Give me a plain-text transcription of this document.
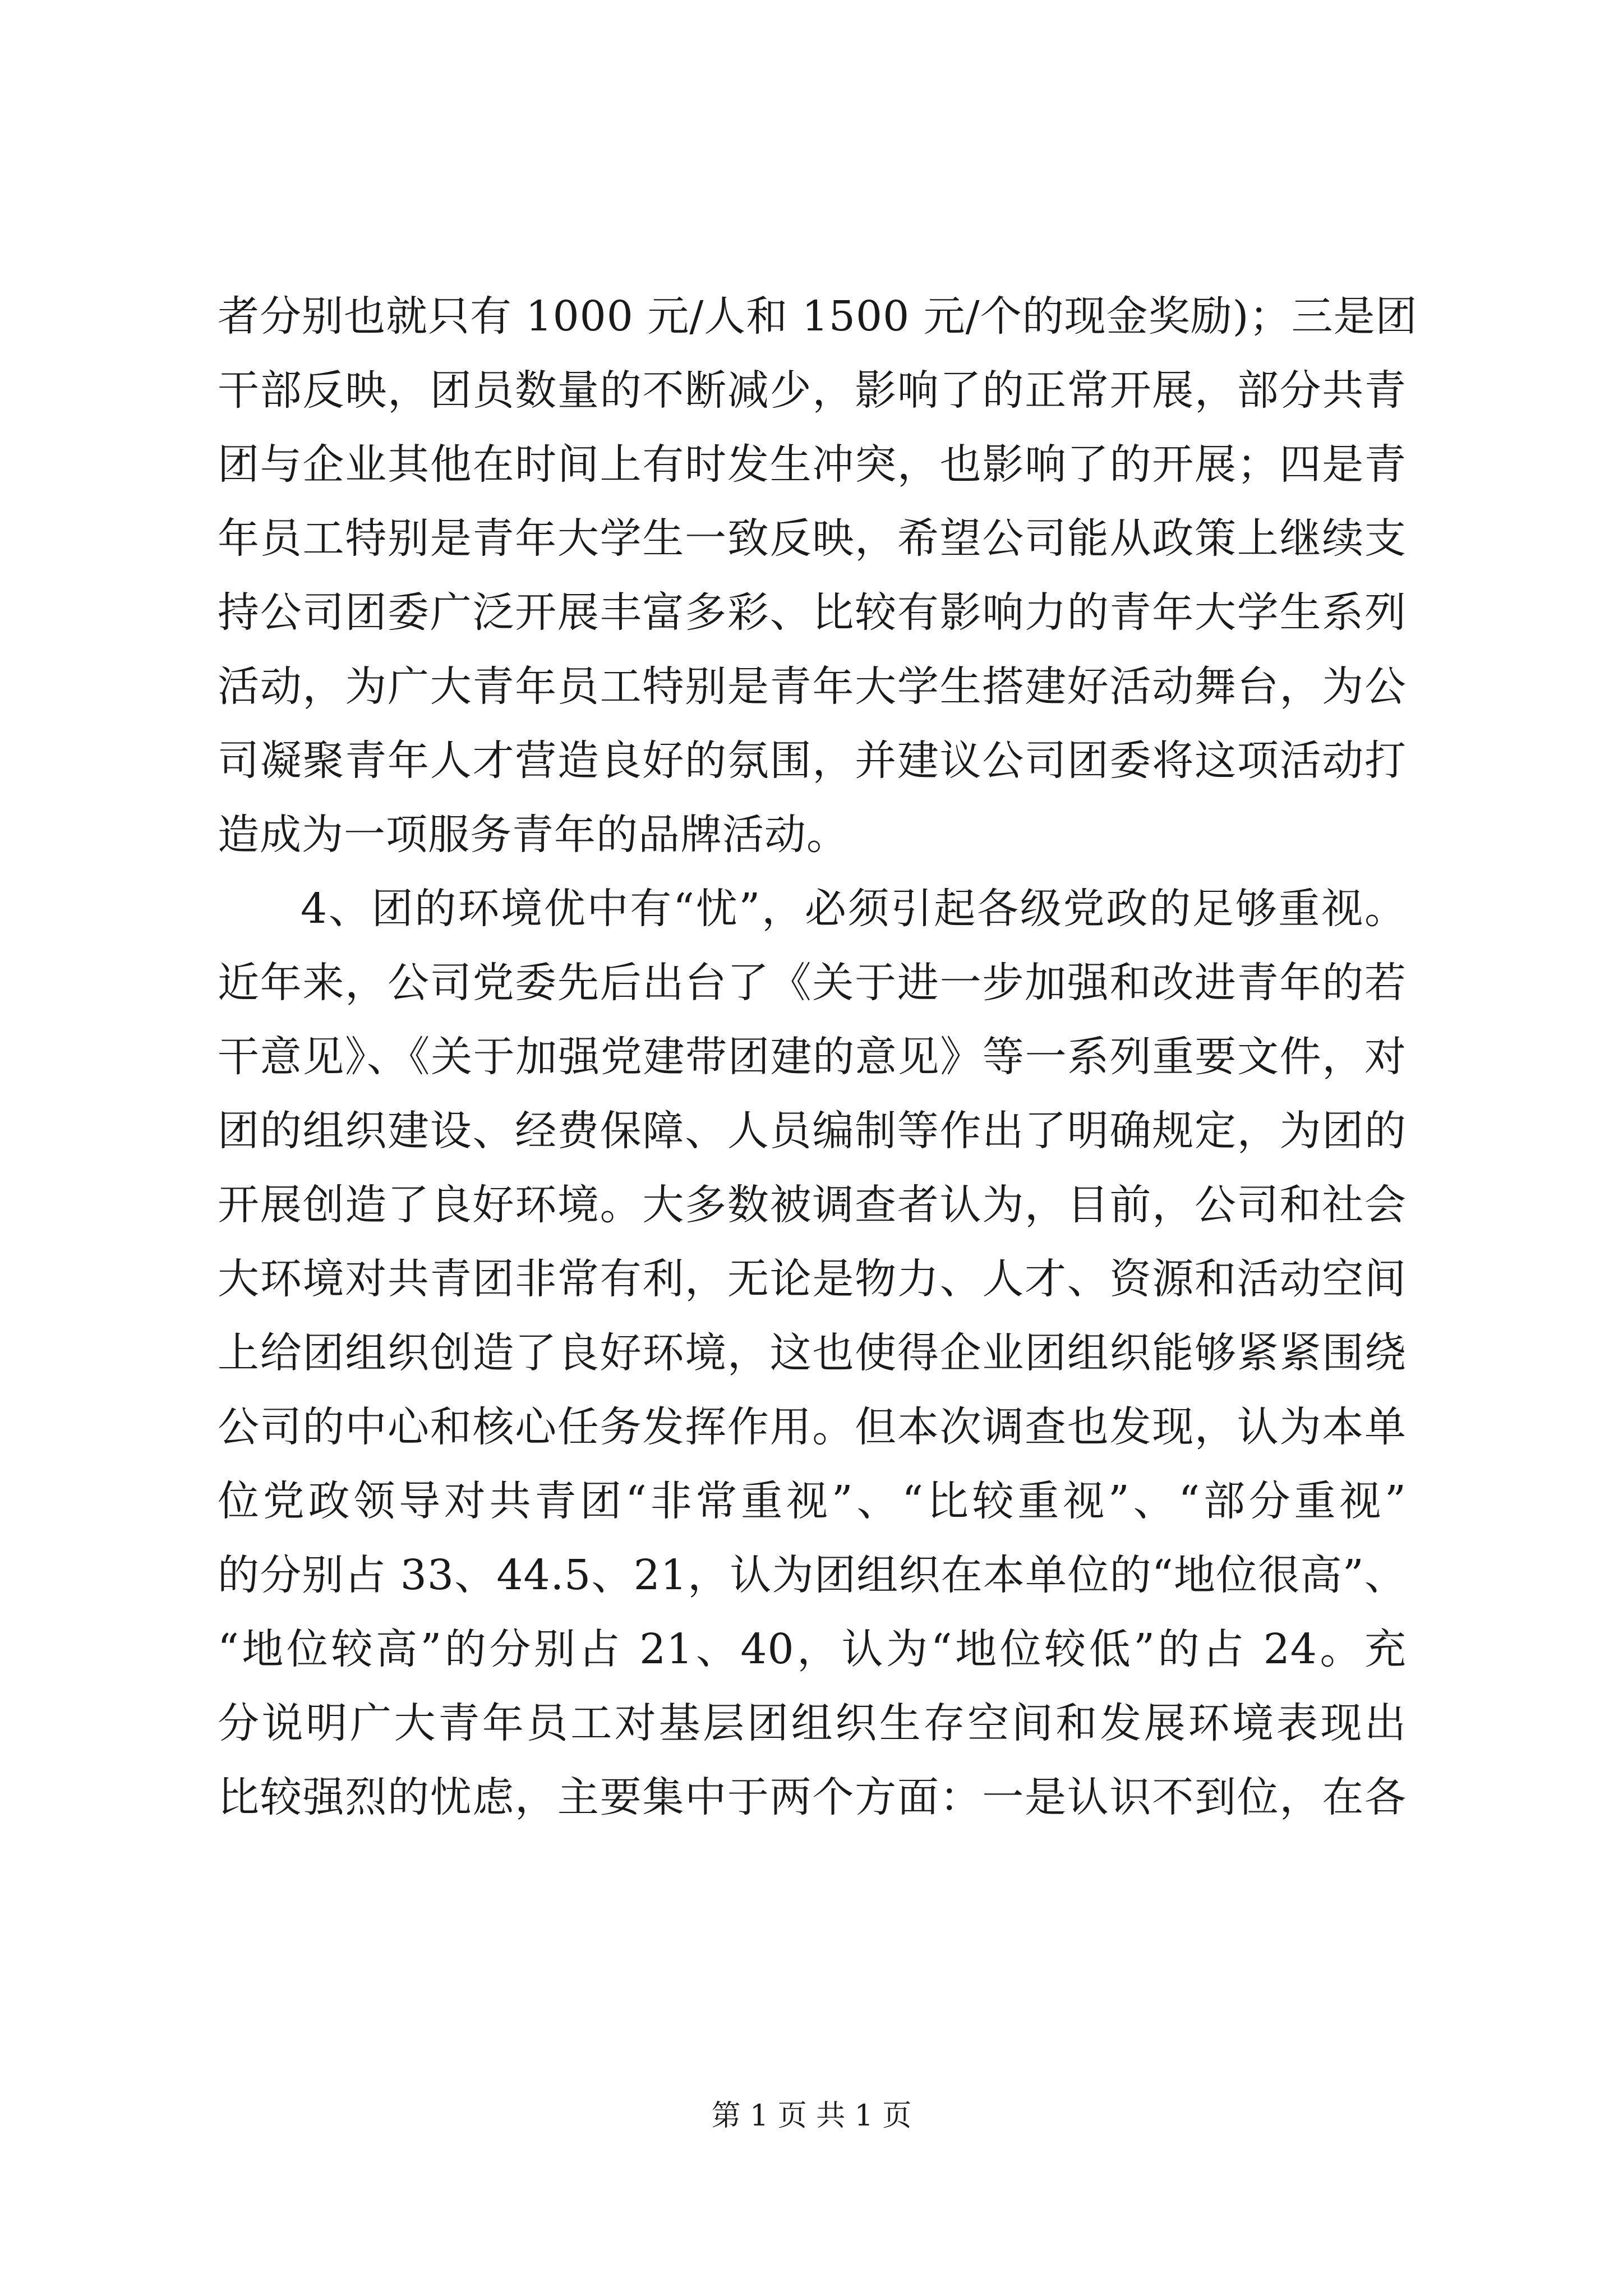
者分别也就只有 1000 元/人和 1500 元/个的现金奖励)；三是团
干部反映，团员数量的不断减少，影响了的正常开展，部分共青
团与企业其他在时间上有时发生冲突，也影响了的开展；四是青
年员工特别是青年大学生一致反映，希望公司能从政策上继续支
持公司团委广泛开展丰富多彩、比较有影响力的青年大学生系列
活动，为广大青年员工特别是青年大学生搭建好活动舞台，为公
司凝聚青年人才营造良好的氛围，并建议公司团委将这项活动打
造成为一项服务青年的品牌活动。
4、团的环境优中有“忧”，必须引起各级党政的足够重视。
近年来，公司党委先后出台了《关于进一步加强和改进青年的若
干意见》、《关于加强党建带团建的意见》等一系列重要文件，对
团的组织建设、经费保障、人员编制等作出了明确规定，为团的
开展创造了良好环境。大多数被调查者认为，目前，公司和社会
大环境对共青团非常有利，无论是物力、人才、资源和活动空间
上给团组织创造了良好环境，这也使得企业团组织能够紧紧围绕
公司的中心和核心任务发挥作用。但本次调查也发现，认为本单
位党政领导对共青团“非常重视”、“比较重视”、“部分重视”
的分别占 33、44.5、21，认为团组织在本单位的“地位很高”、
“地位较高”的分别占 21、40，认为“地位较低”的占 24。充
分说明广大青年员工对基层团组织生存空间和发展环境表现出
比较强烈的忧虑，主要集中于两个方面：一是认识不到位，在各
第 1 页 共 1 页
